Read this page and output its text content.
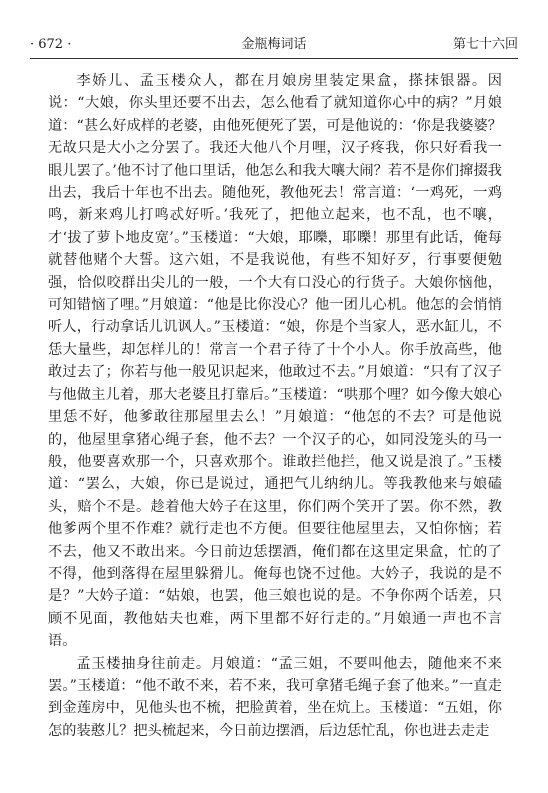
· 672 ·	金瓶梅词话	第七十六回

李娇儿、孟玉楼众人，都在月娘房里装定果盒，搽抹银器。因说：“大娘，你头里还要不出去，怎么他看了就知道你心中的病？”月娘道：“甚么好成样的老婆，由他死便死了罢，可是他说的：‘你是我婆婆？无故只是大小之分罢了。我还大他八个月哩，汉子疼我，你只好看我一眼儿罢了。’他不讨了他口里话，他怎么和我大嚷大闹？若不是你们撺掇我出去，我后十年也不出去。随他死，教他死去！常言道：‘一鸡死，一鸡鸣，新来鸡儿打鸣忒好听。’我死了，把他立起来，也不乱，也不嚷，才‘拔了萝卜地皮宽’。”玉楼道：“大娘，耶嚛，耶嚛！那里有此话，俺每就替他赌个大誓。这六姐，不是我说他，有些不知好歹，行事要便勉强，恰似咬群出尖儿的一般，一个大有口没心的行货子。大娘你恼他，可知错恼了哩。”月娘道：“他是比你没心？他一团儿心机。他怎的会悄悄听人，行动拿话儿讥讽人。”玉楼道：“娘，你是个当家人，恶水缸儿，不恁大量些，却怎样儿的！常言一个君子待了十个小人。你手放高些，他敢过去了；你若与他一般见识起来，他敢过不去。”月娘道：“只有了汉子与他做主儿着，那大老婆且打靠后。”玉楼道：“哄那个哩？如今像大娘心里恁不好，他爹敢往那屋里去么！”月娘道：“他怎的不去？可是他说的，他屋里拿猪心绳子套，他不去？一个汉子的心，如同没笼头的马一般，他要喜欢那一个，只喜欢那个。谁敢拦他拦，他又说是浪了。”玉楼道：“罢么，大娘，你已是说过，通把气儿纳纳儿。等我教他来与娘磕头，赔个不是。趁着他大妗子在这里，你们两个笑开了罢。你不然，教他爹两个里不作难？就行走也不方便。但要往他屋里去，又怕你恼；若不去，他又不敢出来。今日前边恁摆酒，俺们都在这里定果盒，忙的了不得，他到落得在屋里躲猾儿。俺每也饶不过他。大妗子，我说的是不是？”大妗子道：“姑娘，也罢，他三娘也说的是。不争你两个话差，只顾不见面，教他姑夫也难，两下里都不好行走的。”月娘通一声也不言语。

孟玉楼抽身往前走。月娘道：“孟三姐，不要叫他去，随他来不来罢。”玉楼道：“他不敢不来，若不来，我可拿猪毛绳子套了他来。”一直走到金莲房中，见他头也不梳，把脸黄着，坐在炕上。玉楼道：“五姐，你怎的装憨儿？把头梳起来，今日前边摆酒，后边恁忙乱，你也进去走走
